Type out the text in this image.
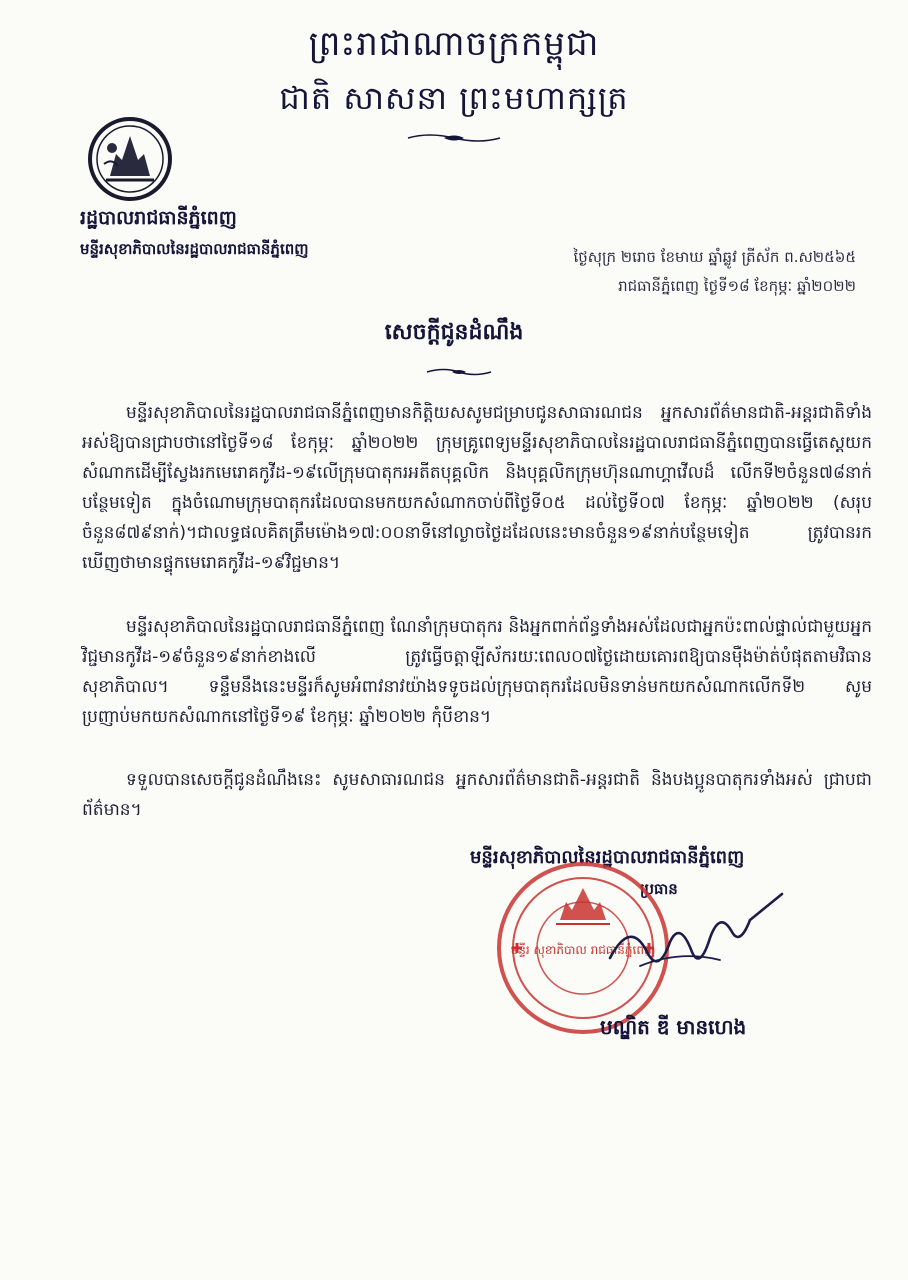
ព្រះរាជាណាចក្រកម្ពុជា
ជាតិ សាសនា ព្រះមហាក្សត្រ
រដ្ឋបាលរាជធានីភ្នំពេញ
មន្ទីរសុខាភិបាលនៃរដ្ឋបាលរាជធានីភ្នំពេញ	ថ្ងៃសុក្រ ២រោច ខែមាឃ ឆ្នាំឆ្លូវ ត្រីស័ក ព.ស២៥៦៥
រាជធានីភ្នំពេញ ថ្ងៃទី១៨ ខែកុម្ភៈ ឆ្នាំ២០២២
សេចក្ដីជូនដំណឹង

មន្ទីរសុខាភិបាលនៃរដ្ឋបាលរាជធានីភ្នំពេញមានកិត្តិយសសូមជម្រាបជូនសាធារណជន អ្នកសារព័ត៌មានជាតិ-អន្តរជាតិទាំងអស់ឱ្យបានជ្រាបថានៅថ្ងៃទី១៨ ខែកុម្ភៈ ឆ្នាំ២០២២ ក្រុមគ្រូពេទ្យមន្ទីរសុខាភិបាលនៃរដ្ឋបាលរាជធានីភ្នំពេញបានធ្វើតេស្តយកសំណាកដើម្បីស្វែងរកមេរោគកូវីដ-១៩លើក្រុមបាតុករអតីតបុគ្គលិក និងបុគ្គលិកក្រុមហ៊ុនណាហ្គាវើលដ៏ លើកទី២ចំនួន៧៨នាក់ បន្ថែមទៀត ក្នុងចំណោមក្រុមបាតុករដែលបានមកយកសំណាកចាប់ពីថ្ងៃទី០៥ ដល់ថ្ងៃទី០៧ ខែកុម្ភៈ ឆ្នាំ២០២២ (សរុបចំនួន៨៧៩នាក់)។ជាលទ្ធផលគិតត្រឹមម៉ោង១៧:០០នាទីនៅល្ងាចថ្ងៃដដែលនេះមានចំនួន១៩នាក់បន្ថែមទៀត ត្រូវបានរកឃើញថាមានផ្ទុកមេរោគកូវីដ-១៩វិជ្ជមាន។

មន្ទីរសុខាភិបាលនៃរដ្ឋបាលរាជធានីភ្នំពេញ ណែនាំក្រុមបាតុករ និងអ្នកពាក់ព័ន្ធទាំងអស់ដែលជាអ្នកប៉ះពាល់ផ្ទាល់ជាមួយអ្នកវិជ្ជមានកូវីដ-១៩ចំនួន១៩នាក់ខាងលើ ត្រូវធ្វើចត្តាឡីស័ករយៈពេល០៧ថ្ងៃដោយគោរពឱ្យបានម៉ឺងម៉ាត់បំផុតតាមវិធានសុខាភិបាល។ ទន្ទឹមនឹងនេះមន្ទីរក៏សូមអំពាវនាវយ៉ាងទទូចដល់ក្រុមបាតុករដែលមិនទាន់មកយកសំណាកលើកទី២ សូមប្រញាប់មកយកសំណាកនៅថ្ងៃទី១៩ ខែកុម្ភៈ ឆ្នាំ២០២២ កុំបីខាន។

ទទួលបានសេចក្ដីជូនដំណឹងនេះ សូមសាធារណជន អ្នកសារព័ត៌មានជាតិ-អន្តរជាតិ និងបងប្អូនបាតុករទាំងអស់ ជ្រាបជាព័ត៌មាន។

មន្ទីរសុខាភិបាលនៃរដ្ឋបាលរាជធានីភ្នំពេញ
ប្រធាន
មន្ទីរ សុខាភិបាល រាជធានីភ្នំពេញ
បណ្ឌិត ឌី មានហេង
